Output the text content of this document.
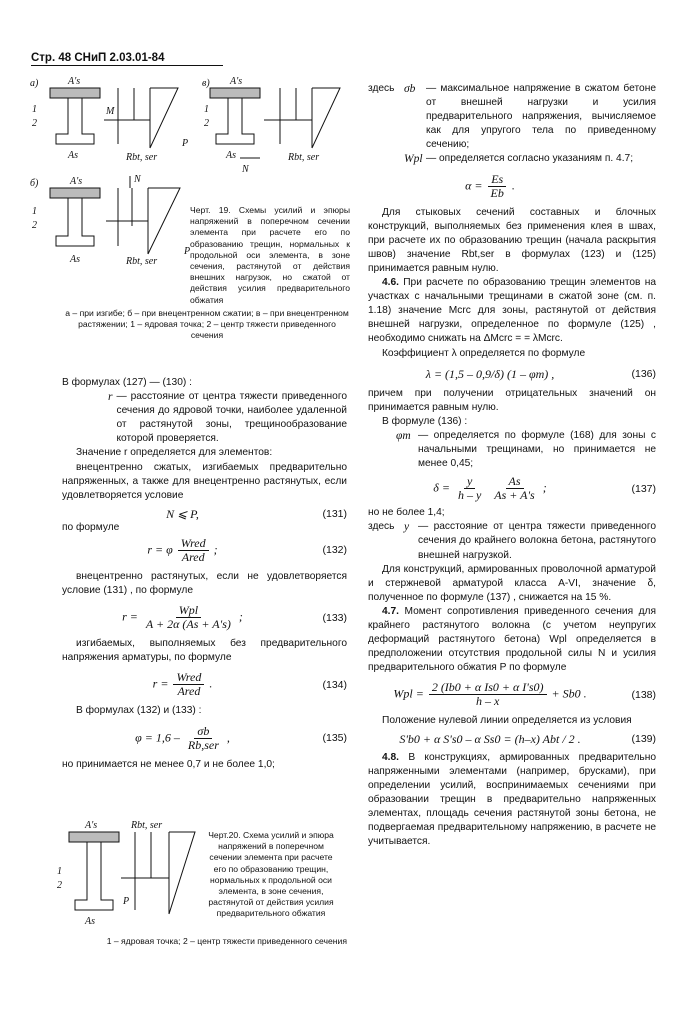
Стр. 48 СНиП 2.03.01-84
а)	A's
1
2
M
As	Rbt, ser
P
в) A's
1
2
As
N
Rbt, ser
б)	A's
1
2
N
As	Rbt, ser
P
Черт. 19. Схемы усилий и эпюры напряжений в поперечном сечении элемента при расчете его по образованию трещин, нормальных к продольной оси элемента, в зоне сечения, растянутой от действия внешних нагрузок, но сжатой от действия усилия предварительного обжатия
а – при изгибе; б – при внецентренном сжатии; в – при внецентренном растяжении; 1 – ядровая точка; 2 – центр тяжести приведенного сечения

В формулах (127) — (130) :

r — расстояние от центра тяжести приведенного сечения до ядровой точки, наиболее удаленной от растянутой зоны, трещинообразование которой проверяется.

Значение r определяется для элементов:

внецентренно сжатых, изгибаемых предварительно напряженных, а также для внецентренно растянутых, если удовлетворяется условие

N ⩽ P,	(131)

по формуле

r = φ $\frac{\text{Wred}}{\text{Ared}}$ ;	(132)

внецентренно растянутых, если не удовлетворяется условие (131) , по формуле

$r = \frac{\text{Wpl}}{A + 2\alpha (As + A's)}$ ;	(133)

изгибаемых, выполняемых без предварительного напряжения арматуры, по формуле

$r = \frac{\text{Wred}}{\text{Ared}}$ .	(134)

В формулах (132) и (133) :

$\varphi = 1,6 - \frac{\sigma b}{\text{Rb,ser}}$ ,	(135)

но принимается не менее 0,7 и не более 1,0;

A's	Rbt, ser
1
2
As
P
Черт.20. Схема усилий и эпюра напряжений в поперечном сечении элемента при расчете его по образованию трещин, нормальных к продольной оси элемента, в зоне сечения, растянутой от действия усилия предварительного обжатия
1 – ядровая точка; 2 – центр тяжести приведенного сечения
здесь σb	— максимальное напряжение в сжатом бетоне от внешней нагрузки и усилия предварительного напряжения, вычисляемое как для упругого тела по приведенному сечению;
Wpl — определяется согласно указаниям п. 4.7;
$\alpha = \frac{Es}{Eb}$ .

Для стыковых сечений составных и блочных конструкций, выполняемых без применения клея в швах, при расчете их по образованию трещин (начала раскрытия швов) значение Rbt,ser в формулах (123) и (125) принимается равным нулю.

4.6. При расчете по образованию трещин элементов на участках с начальными трещинами в сжатой зоне (см. п. 1.18) значение Mcrc для зоны, растянутой от действия внешней нагрузки, определенное по формуле (125) , необходимо снижать на ΔMcrc = = λMcrc.

Коэффициент λ определяется по формуле

λ = (1,5 – 0,9/δ) (1 – φm) ,	(136)

причем при получении отрицательных значений он принимается равным нулю.

В формуле (136) :

φm — определяется по формуле (168) для зоны с начальными трещинами, но принимается не менее 0,45;
$\delta = \frac{y}{h - y}$
$\frac{As}{As + A's}$ ;	(137)

но не более 1,4;

здесь y — расстояние от центра тяжести приведенного сечения до крайнего волокна бетона, растянутого внешней нагрузкой.

Для конструкций, армированных проволочной арматурой и стержневой арматурой класса А-VI, значение δ, полученное по формуле (137) , снижается на 15 %.

4.7. Момент сопротивления приведенного сечения для крайнего растянутого волокна (с учетом неупругих деформаций растянутого бетона) Wpl определяется в предположении отсутствия продольной силы N и усилия предварительного обжатия P по формуле

Wpl = $\frac{\text{2 (Ib0 + α Is0 + α I's0)}}{h - x} + Sb0$ .	(138)

Положение нулевой линии определяется из условия

S'b0 + α S's0 – α Ss0 = (h–x) Abt / 2 .	(139)

4.8. В конструкциях, армированных предварительно напряженными элементами (например, брусками), при определении усилий, воспринимаемых сечениями при образовании трещин в предварительно напряженных элементах, площадь сечения растянутой зоны бетона, не подвергаемая предварительному напряжению, в расчете не учитывается.
